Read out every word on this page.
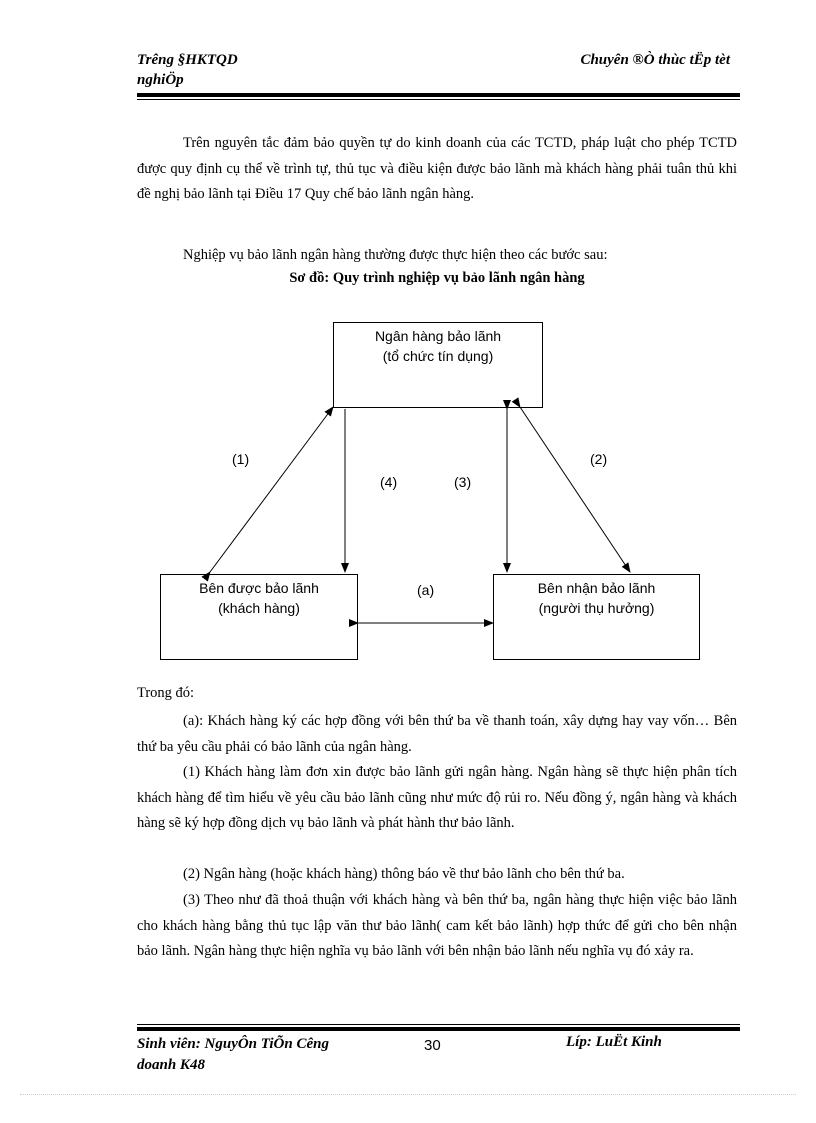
Trêng §HKTQD
nghiÖp
Chuyên ®Ò thùc tËp tèt

Trên nguyên tắc đảm bảo quyền tự do kinh doanh của các TCTD, pháp luật cho phép TCTD được quy định cụ thể về trình tự, thủ tục và điều kiện được bảo lãnh mà khách hàng phải tuân thủ khi đề nghị bảo lãnh tại Điều 17 Quy chế bảo lãnh ngân hàng.

Nghiệp vụ bảo lãnh ngân hàng thường được thực hiện theo các bước sau:

Sơ đồ: Quy trình nghiệp vụ bảo lãnh ngân hàng
Ngân hàng bảo lãnh
(tổ chức tín dụng)
Bên được bảo lãnh
(khách hàng)
Bên nhận bảo lãnh
(người thụ hưởng)
(1)	(2)
(3)
(4)
(a)

Trong đó:

(a): Khách hàng ký các hợp đồng với bên thứ ba về thanh toán, xây dựng hay vay vốn… Bên thứ ba yêu cầu phải có bảo lãnh của ngân hàng.

(1) Khách hàng làm đơn xin được bảo lãnh gửi ngân hàng. Ngân hàng sẽ thực hiện phân tích khách hàng để tìm hiểu về yêu cầu bảo lãnh cũng như mức độ rủi ro. Nếu đồng ý, ngân hàng và khách hàng sẽ ký hợp đồng dịch vụ bảo lãnh và phát hành thư bảo lãnh.

(2) Ngân hàng (hoặc khách hàng) thông báo về thư bảo lãnh cho bên thứ ba.

(3) Theo như đã thoả thuận với khách hàng và bên thứ ba, ngân hàng thực hiện việc bảo lãnh cho khách hàng bằng thủ tục lập văn thư bảo lãnh( cam kết bảo lãnh) hợp thức để gửi cho bên nhận bảo lãnh. Ngân hàng thực hiện nghĩa vụ bảo lãnh với bên nhận bảo lãnh nếu nghĩa vụ đó xảy ra.

Sinh viên: NguyÔn TiÕn Cêng
doanh K48
30	Líp: LuËt Kinh
